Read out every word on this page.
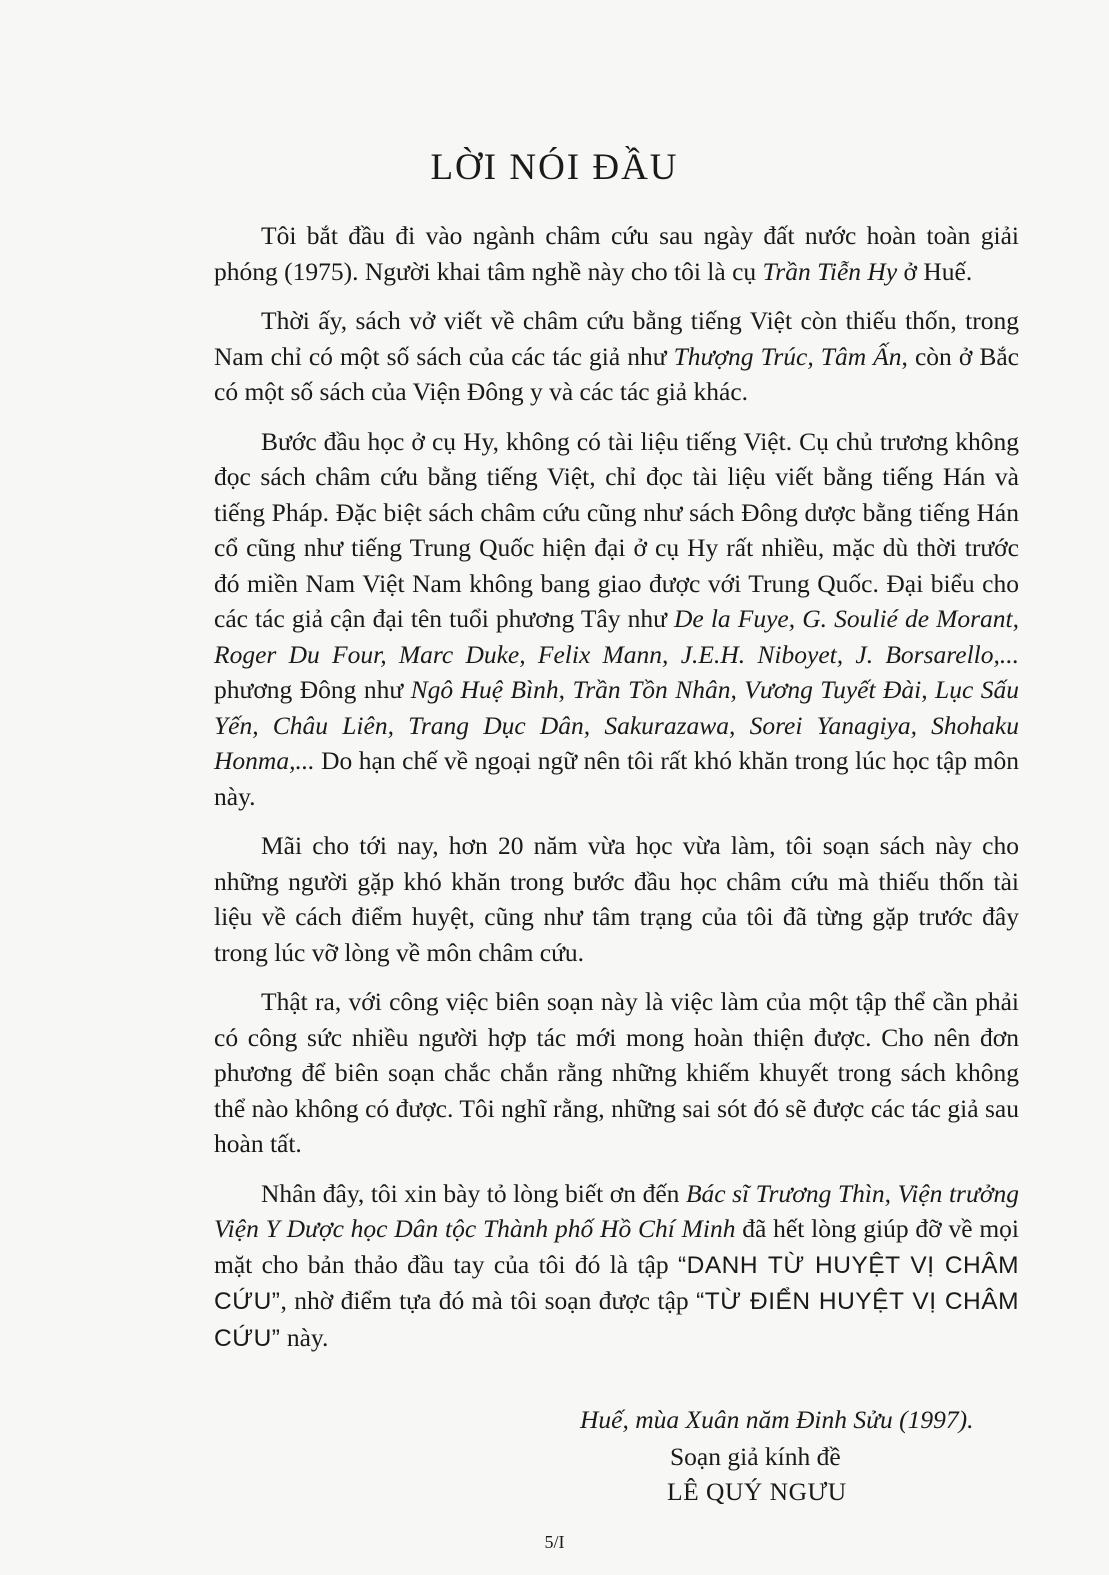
LỜI NÓI ĐẦU

Tôi bắt đầu đi vào ngành châm cứu sau ngày đất nước hoàn toàn giải phóng (1975). Người khai tâm nghề này cho tôi là cụ Trần Tiễn Hy ở Huế.

Thời ấy, sách vở viết về châm cứu bằng tiếng Việt còn thiếu thốn, trong Nam chỉ có một số sách của các tác giả như Thượng Trúc, Tâm Ấn, còn ở Bắc có một số sách của Viện Đông y và các tác giả khác.

Bước đầu học ở cụ Hy, không có tài liệu tiếng Việt. Cụ chủ trương không đọc sách châm cứu bằng tiếng Việt, chỉ đọc tài liệu viết bằng tiếng Hán và tiếng Pháp. Đặc biệt sách châm cứu cũng như sách Đông dược bằng tiếng Hán cổ cũng như tiếng Trung Quốc hiện đại ở cụ Hy rất nhiều, mặc dù thời trước đó miền Nam Việt Nam không bang giao được với Trung Quốc. Đại biểu cho các tác giả cận đại tên tuổi phương Tây như De la Fuye, G. Soulié de Morant, Roger Du Four, Marc Duke, Felix Mann, J.E.H. Niboyet, J. Borsarello,... phương Đông như Ngô Huệ Bình, Trần Tồn Nhân, Vương Tuyết Đài, Lục Sấu Yến, Châu Liên, Trang Dục Dân, Sakurazawa, Sorei Yanagiya, Shohaku Honma,... Do hạn chế về ngoại ngữ nên tôi rất khó khăn trong lúc học tập môn này.

Mãi cho tới nay, hơn 20 năm vừa học vừa làm, tôi soạn sách này cho những người gặp khó khăn trong bước đầu học châm cứu mà thiếu thốn tài liệu về cách điểm huyệt, cũng như tâm trạng của tôi đã từng gặp trước đây trong lúc vỡ lòng về môn châm cứu.

Thật ra, với công việc biên soạn này là việc làm của một tập thể cần phải có công sức nhiều người hợp tác mới mong hoàn thiện được. Cho nên đơn phương để biên soạn chắc chắn rằng những khiếm khuyết trong sách không thể nào không có được. Tôi nghĩ rằng, những sai sót đó sẽ được các tác giả sau hoàn tất.

Nhân đây, tôi xin bày tỏ lòng biết ơn đến Bác sĩ Trương Thìn, Viện trưởng Viện Y Dược học Dân tộc Thành phố Hồ Chí Minh đã hết lòng giúp đỡ về mọi mặt cho bản thảo đầu tay của tôi đó là tập “DANH TỪ HUYỆT VỊ CHÂM CỨU”, nhờ điểm tựa đó mà tôi soạn được tập “TỪ ĐIỂN HUYỆT VỊ CHÂM CỨU” này.

Huế, mùa Xuân năm Đinh Sửu (1997).
Soạn giả kính đề
LÊ QUÝ NGƯU
5/I
